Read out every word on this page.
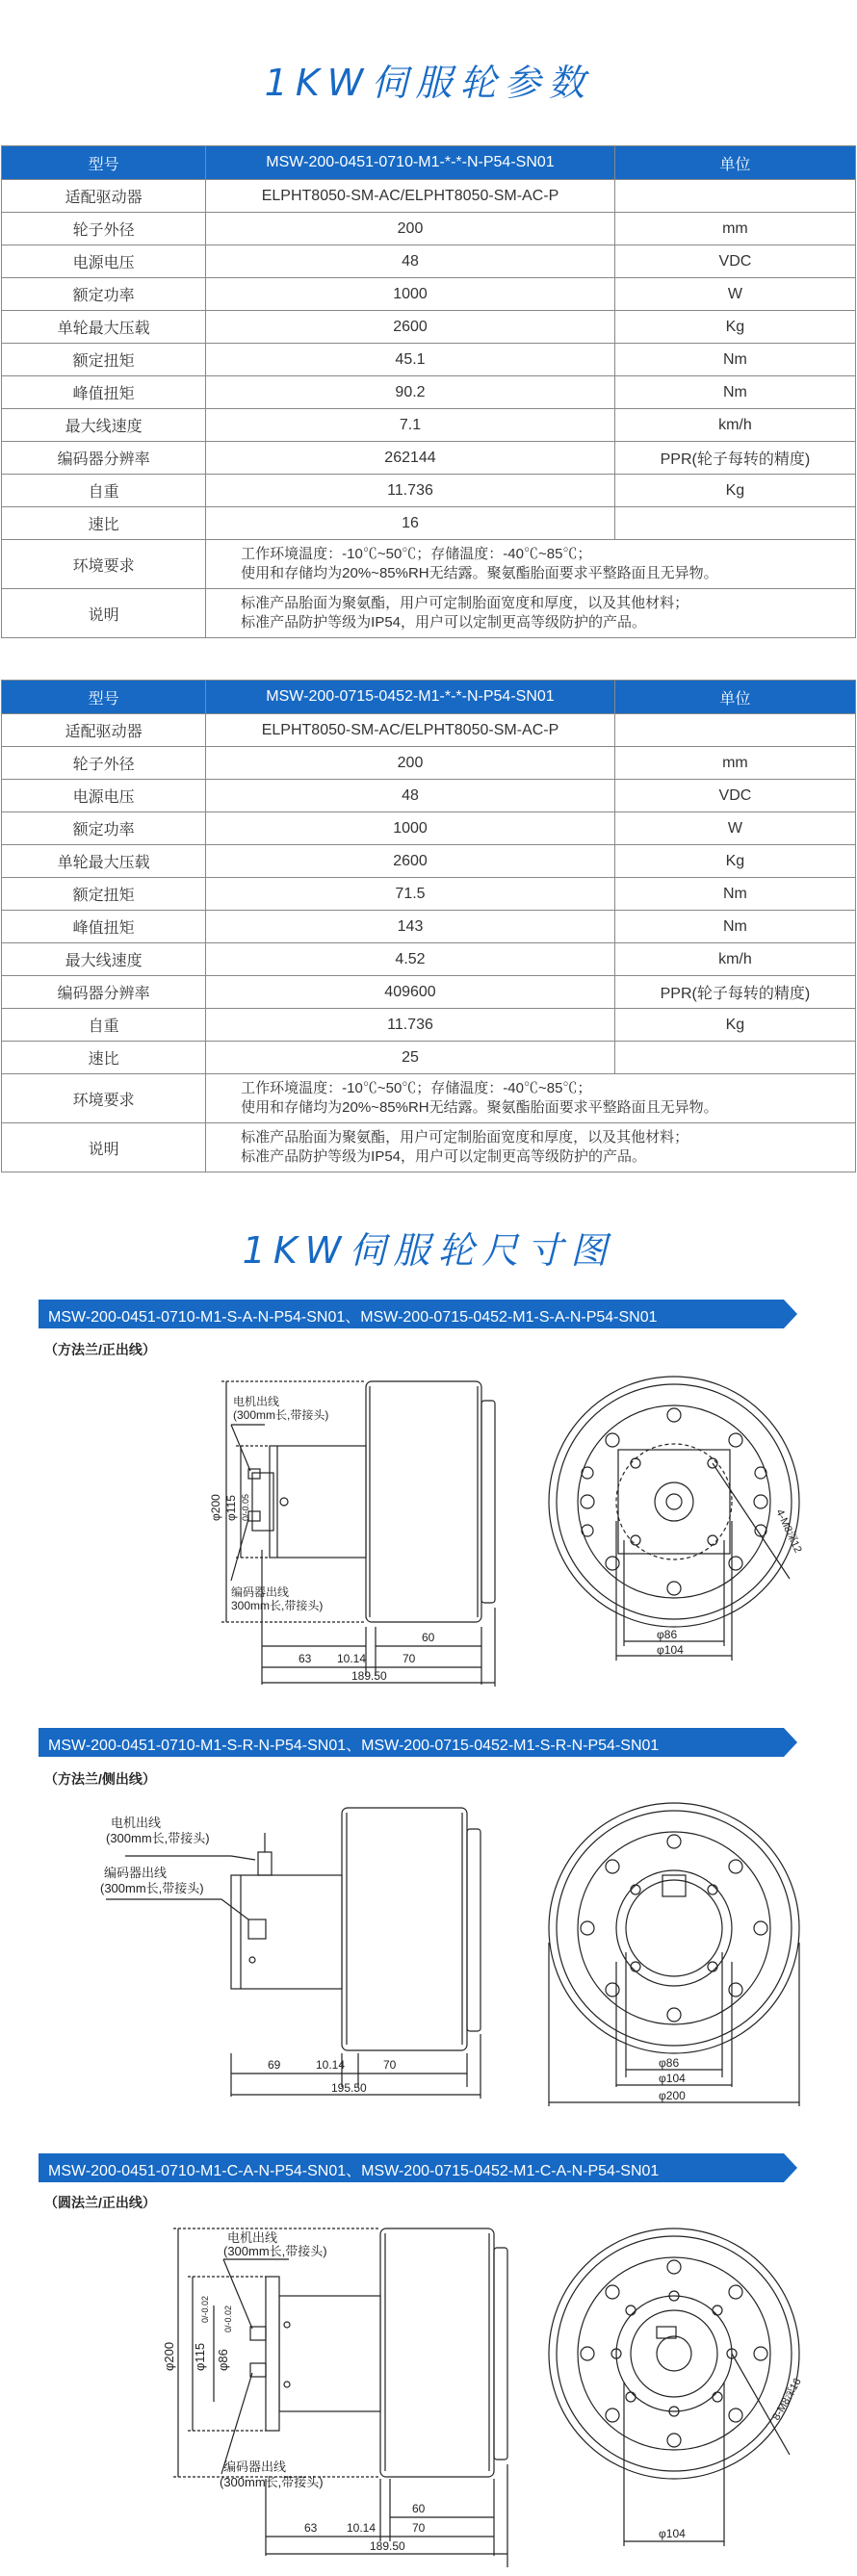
1KW伺服轮参数
型号	MSW-200-0451-0710-M1-*-*-N-P54-SN01	单位
适配驱动器	ELPHT8050-SM-AC/ELPHT8050-SM-AC-P	
轮子外径	200	mm
电源电压	48	VDC
额定功率	1000	W
单轮最大压载	2600	Kg
额定扭矩	45.1	Nm
峰值扭矩	90.2	Nm
最大线速度	7.1	km/h
编码器分辨率	262144	PPR(轮子每转的精度)
自重	11.736	Kg
速比	16	
环境要求	工作环境温度：-10℃~50℃；存储温度：-40℃~85℃；
使用和存储均为20%~85%RH无结露。聚氨酯胎面要求平整路面且无异物。	

说明	标准产品胎面为聚氨酯，用户可定制胎面宽度和厚度，以及其他材料；
标准产品防护等级为IP54，用户可以定制更高等级防护的产品。	
型号	MSW-200-0715-0452-M1-*-*-N-P54-SN01	单位
适配驱动器	ELPHT8050-SM-AC/ELPHT8050-SM-AC-P	
轮子外径	200	mm
电源电压	48	VDC
额定功率	1000	W
单轮最大压载	2600	Kg
额定扭矩	71.5	Nm
峰值扭矩	143	Nm
最大线速度	4.52	km/h
编码器分辨率	409600	PPR(轮子每转的精度)
自重	11.736	Kg
速比	25	
环境要求	工作环境温度：-10℃~50℃；存储温度：-40℃~85℃；
使用和存储均为20%~85%RH无结露。聚氨酯胎面要求平整路面且无异物。	

说明	标准产品胎面为聚氨酯，用户可定制胎面宽度和厚度，以及其他材料；
标准产品防护等级为IP54，用户可以定制更高等级防护的产品。	
1KW伺服轮尺寸图
MSW-200-0451-0710-M1-S-A-N-P54-SN01、MSW-200-0715-0452-M1-S-A-N-P54-SN01
（方法兰/正出线）
电机出线
(300mm长,带接头)
编码器出线
300mm长,带接头)
φ200 φ115 0/-0.05
60
63 10.14	70
189.50
φ86
φ104
4-M8深12
MSW-200-0451-0710-M1-S-R-N-P54-SN01、MSW-200-0715-0452-M1-S-R-N-P54-SN01
（方法兰/侧出线）
电机出线
(300mm长,带接头)
编码器出线
(300mm长,带接头)
69	10.14	70
195.50
φ86
φ104
φ200
MSW-200-0451-0710-M1-C-A-N-P54-SN01、MSW-200-0715-0452-M1-C-A-N-P54-SN01
（圆法兰/正出线）
电机出线
(300mm长,带接头)
编码器出线
(300mm长,带接头)
φ200 φ115
0/-0.02
φ86
0/-0.02
60
63	10.14	70
189.50
φ104
8-M8深16
